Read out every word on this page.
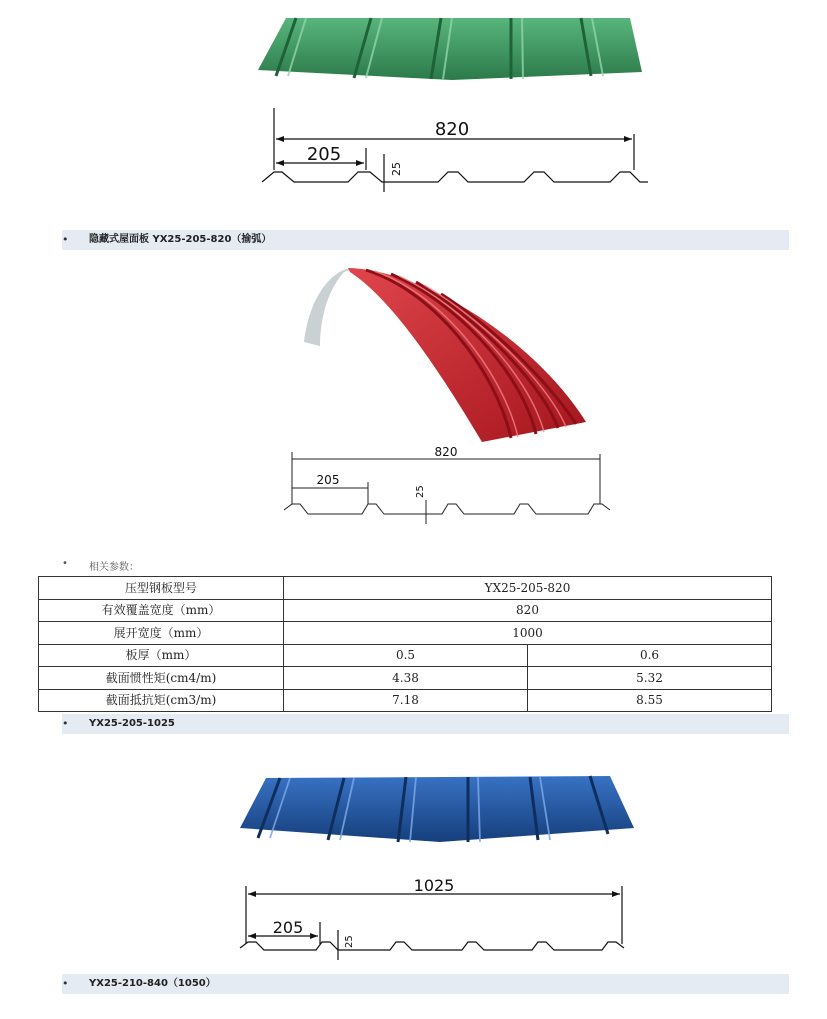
820
205
25
•	隐藏式屋面板 YX25-205-820（揄弧）
820
205
25
• 相关参数：
压型钢板型号	YX25-205-820	
有效覆盖宽度（mm）	820	
展开宽度（mm）	1000	
板厚（mm）	0.5	0.6
截面惯性矩(cm4/m)	4.38	5.32
截面抵抗矩(cm3/m)	7.18	8.55
•	YX25-205-1025
1025
205
25
•	YX25-210-840（1050）
